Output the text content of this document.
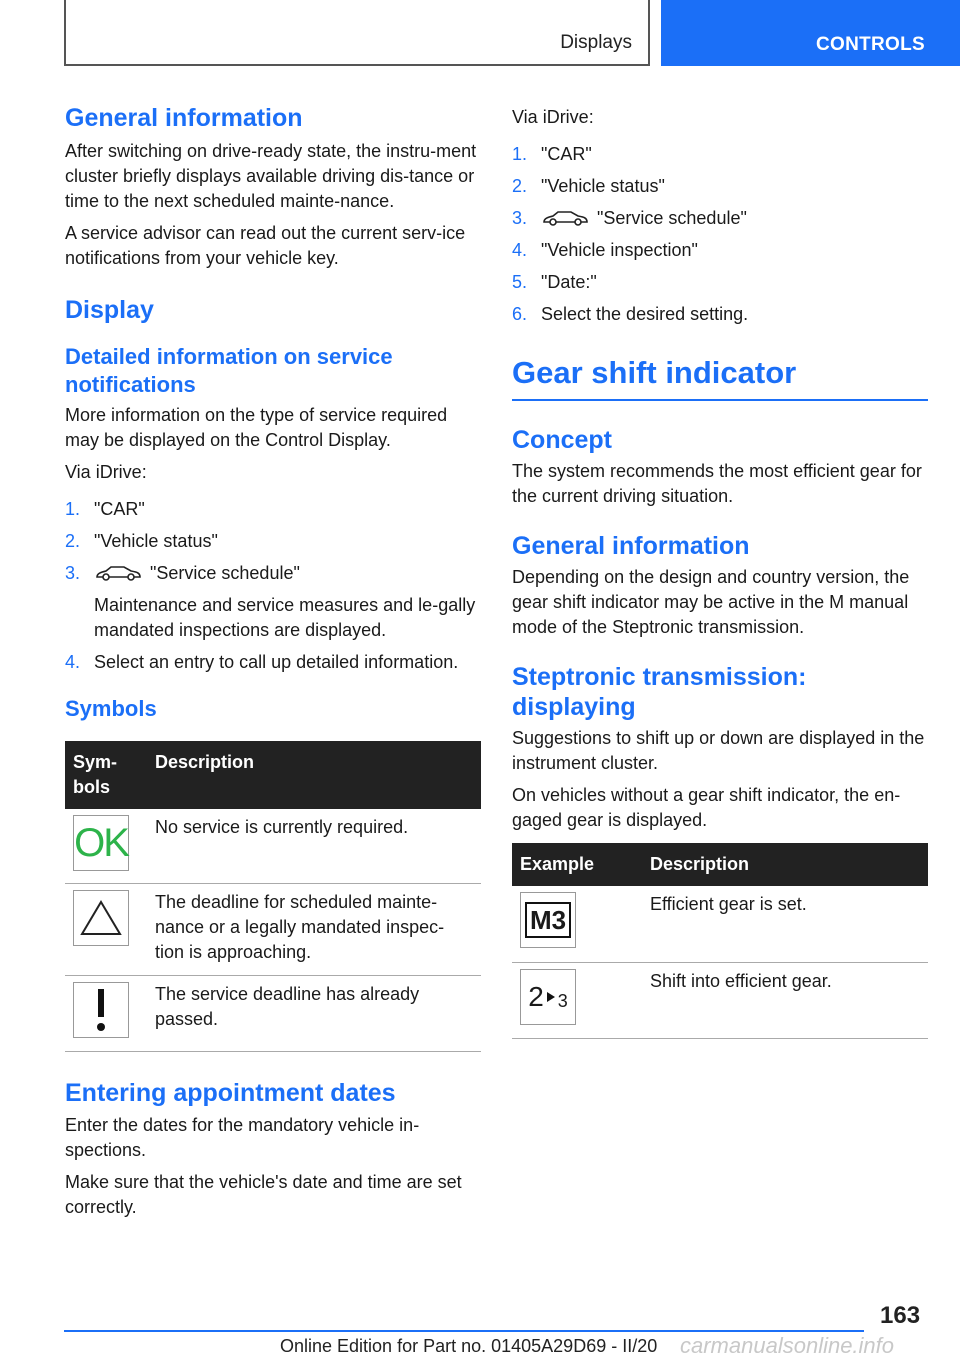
Displays	CONTROLS
General information

After switching on drive-ready state, the instru‐ment cluster briefly displays available driving dis‐tance or time to the next scheduled mainte‐nance.

A service advisor can read out the current serv‐ice notifications from your vehicle key.

Display
Detailed information on service notifications

More information on the type of service required may be displayed on the Control Display.

Via iDrive:

1. "CAR"
2. "Vehicle status"
3.	"Service schedule"
Maintenance and service measures and le‐gally mandated inspections are displayed.
4. Select an entry to call up detailed information.
Symbols
Sym‐bols	Description

OK	No service is currently required.

	The deadline for scheduled mainte‐nance or a legally mandated inspec‐tion is approaching.

	The service deadline has already passed.
Entering appointment dates

Enter the dates for the mandatory vehicle in‐spections.

Make sure that the vehicle's date and time are set correctly.

Via iDrive:

1. "CAR"
2. "Vehicle status"
3.	"Service schedule"
4. "Vehicle inspection"
5. "Date:"
6. Select the desired setting.
Gear shift indicator
Concept

The system recommends the most efficient gear for the current driving situation.

General information

Depending on the design and country version, the gear shift indicator may be active in the M manual mode of the Steptronic transmission.

Steptronic transmission: displaying

Suggestions to shift up or down are displayed in the instrument cluster.

On vehicles without a gear shift indicator, the en‐gaged gear is displayed.

Example	Description

M3	Efficient gear is set.

2 3	Shift into efficient gear.
163
Online Edition for Part no. 01405A29D69 - II/20 carmanualsonline.info
